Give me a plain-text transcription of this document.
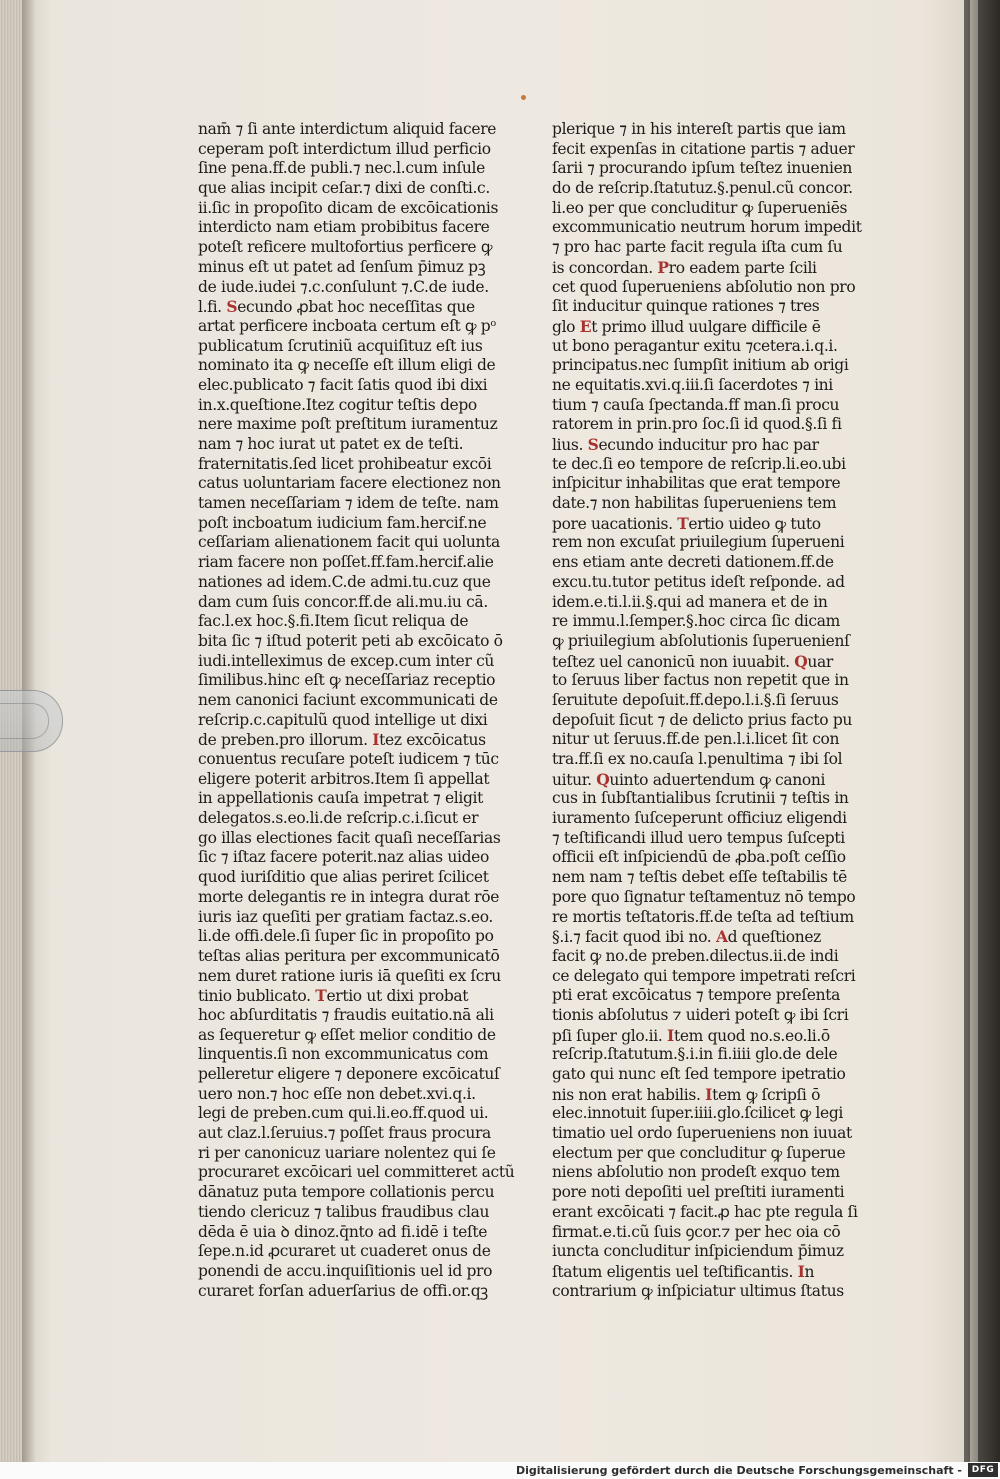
nam̄ ⁊ ſi ante interdictum aliquid facere
ceperam poſt interdictum illud perficio
ſine pena.ff.de publi.⁊ nec.l.cum inſule
que alias incipit ceſar.⁊ dixi de conſti.c.
ii.ſic in propoſito dicam de excōicationis
interdicto nam etiam probibitus facere
poteſt reficere multofortius perficere ꝙ
minus eſt ut patet ad ſenſum p̄imuz pꝫ
de iude.iudei ⁊.c.conſulunt ⁊.C.de iude.
l.fi. Secundo ꝓbat hoc neceſſitas que
artat perficere incboata certum eſt ꝙ pᵒ
publicatum ſcrutiniũ acquiſituz eſt ius
nominato ita ꝙ neceſſe eſt illum eligi de
elec.publicato ⁊ facit ſatis quod ibi dixi
in.x.queſtione.Itez cogitur teſtis depo
nere maxime poſt preſtitum iuramentuz
nam ⁊ hoc iurat ut patet ex de teſti.
fraternitatis.ſed licet prohibeatur excōi
catus uoluntariam facere electionez non
tamen neceſſariam ⁊ idem de teſte. nam
poſt incboatum iudicium fam.hercif.ne
ceſſariam alienationem facit qui uolunta
riam facere non poſſet.ff.fam.hercif.alie
nationes ad idem.C.de admi.tu.cuz que
dam cum ſuis concor.ff.de ali.mu.iu cā.
fac.l.ex hoc.§.fi.Item ſicut reliqua de
bita ſic ⁊ iſtud poterit peti ab excōicato ō
iudi.intelleximus de excep.cum inter cũ
ſimilibus.hinc eſt ꝙ neceſſariaz receptio
nem canonici faciunt excommunicati de
reſcrip.c.capitulũ quod intellige ut dixi
de preben.pro illorum. Itez excōicatus
conuentus recuſare poteſt iudicem ⁊ tūc
eligere poterit arbitros.Item ſi appellat
in appellationis cauſa impetrat ⁊ eligit
delegatos.s.eo.li.de reſcrip.c.i.ſicut er
go illas electiones facit quaſi neceſſarias
ſic ⁊ iſtaz facere poterit.naz alias uideo
quod iuriſditio que alias periret ſcilicet
morte delegantis re in integra durat rōe
iuris iaz queſiti per gratiam factaz.s.eo.
li.de offi.dele.ſi ſuper ſic in propoſito po
teſtas alias peritura per excommunicatō
nem duret ratione iuris iā queſiti ex ſcru
tinio bublicato. Tertio ut dixi probat
hoc abſurditatis ⁊ fraudis euitatio.nā ali
as ſequeretur ꝙ eſſet melior conditio de
linquentis.ſi non excommunicatus com
pelleretur eligere ⁊ deponere excōicatuſ
uero non.⁊ hoc eſſe non debet.xvi.q.i.
legi de preben.cum qui.li.eo.ff.quod ui.
aut claz.l.ſeruius.⁊ poſſet fraus procura
ri per canonicuz uariare nolentez qui ſe
procuraret excōicari uel committeret actũ
dānatuz puta tempore collationis percu
tiendo clericuz ⁊ talibus fraudibus clau
dēda ē uia ꝺ dinoz.q̄nto ad fi.idē i teſte
ſepe.n.id ꝓcuraret ut cuaderet onus de
ponendi de accu.inquiſitionis uel id pro
curaret forſan aduerſarius de offi.or.qꝫ
plerique ⁊ in his intereſt partis que iam
fecit expenſas in citatione partis ⁊ aduer
ſarii ⁊ procurando ipſum teſtez inuenien
do de reſcrip.ſtatutuz.§.penul.cũ concor.
li.eo per que concluditur ꝙ ſuperueniēs
excommunicatio neutrum horum impedit
⁊ pro hac parte facit regula iſta cum ſu
is concordan. Pro eadem parte ſcili
cet quod ſuperueniens abſolutio non pro
ſit inducitur quinque rationes ⁊ tres
glo Et primo illud uulgare difficile ē
ut bono peragantur exitu ⁊cetera.i.q.i.
principatus.nec ſumpſit initium ab origi
ne equitatis.xvi.q.iii.ſi ſacerdotes ⁊ ini
tium ⁊ cauſa ſpectanda.ff man.ſi procu
ratorem in prin.pro ſoc.ſi id quod.§.ſi fi
lius. Secundo inducitur pro hac par
te dec.ſi eo tempore de reſcrip.li.eo.ubi
inſpicitur inhabilitas que erat tempore
date.⁊ non habilitas ſuperueniens tem
pore uacationis. Tertio uideo ꝙ tuto
rem non excuſat priuilegium ſuperueni
ens etiam ante decreti dationem.ff.de
excu.tu.tutor petitus ideſt reſponde. ad
idem.e.ti.l.ii.§.qui ad manera et de in
re immu.l.ſemper.§.hoc circa ſic dicam
ꝙ priuilegium abſolutionis ſuperuenienſ
teſtez uel canonicū non iuuabit. Quar
to ſeruus liber factus non repetit que in
ſeruitute depoſuit.ff.depo.l.i.§.ſi ſeruus
depoſuit ſicut ⁊ de delicto prius facto pu
nitur ut ſeruus.ff.de pen.l.i.licet ſit con
tra.ff.ſi ex no.cauſa l.penultima ⁊ ibi ſol
uitur. Quinto aduertendum ꝙ canoni
cus in ſubſtantialibus ſcrutinii ⁊ teſtis in
iuramento ſuſceperunt officiuz eligendi
⁊ teſtificandi illud uero tempus ſuſcepti
officii eſt inſpiciendū de ꝓba.poſt ceſſio
nem nam ⁊ teſtis debet eſſe teſtabilis tē
pore quo ſignatur teſtamentuz nō tempo
re mortis teſtatoris.ff.de teſta ad teſtium
§.i.⁊ facit quod ibi no. Ad queſtionez
facit ꝙ no.de preben.dilectus.ii.de indi
ce delegato qui tempore impetrati reſcri
pti erat excōicatus ⁊ tempore preſenta
tionis abſolutus ⁊ uideri poteſt ꝙ ibi ſcri
pſi ſuper glo.ii. Item quod no.s.eo.li.ō
reſcrip.ſtatutum.§.i.in fi.iiii glo.de dele
gato qui nunc eſt ſed tempore ipetratio
nis non erat habilis. Item ꝙ ſcripſi ō
elec.innotuit ſuper.iiii.glo.ſcilicet ꝙ legi
timatio uel ordo ſuperueniens non iuuat
electum per que concluditur ꝙ ſuperue
niens abſolutio non prodeſt exquo tem
pore noti depoſiti uel preſtiti iuramenti
erant excōicati ⁊ facit.ꝓ hac pte regula ſi
firmat.e.ti.cũ ſuis ꝯcor.⁊ per hec oia cō
iuncta concluditur inſpiciendum p̄imuz
ſtatum eligentis uel teſtificantis. In
contrarium ꝙ inſpiciatur ultimus ſtatus
Digitalisierung gefördert durch die Deutsche Forschungsgemeinschaft -	DFG
